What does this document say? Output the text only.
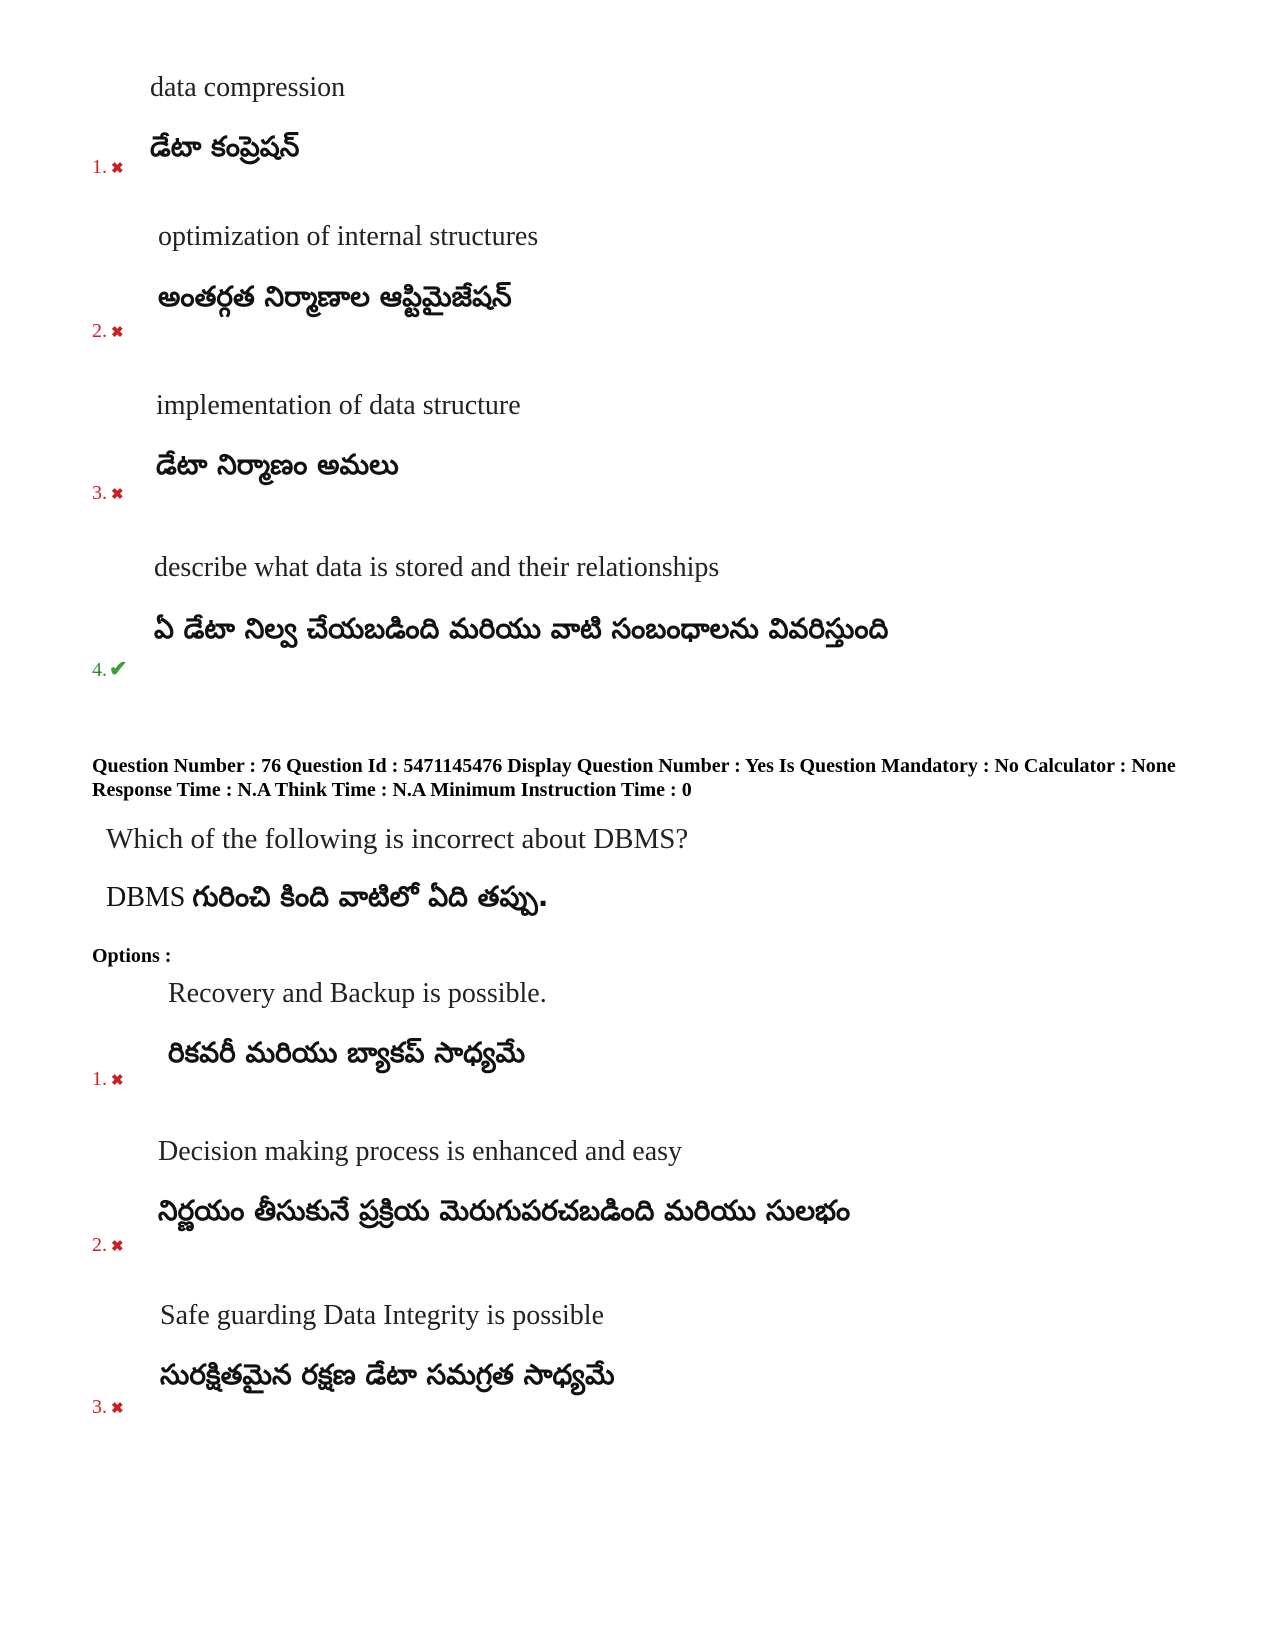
data compression
డేటా కంప్రెషన్
1. ✖
optimization of internal structures
అంతర్గత నిర్మాణాల ఆప్టిమైజేషన్
2. ✖
implementation of data structure
డేటా నిర్మాణం అమలు
3. ✖
describe what data is stored and their relationships
ఏ డేటా నిల్వ చేయబడింది మరియు వాటి సంబంధాలను వివరిస్తుంది
4.✔
Question Number : 76 Question Id : 5471145476 Display Question Number : Yes Is Question Mandatory : No Calculator : None Response Time : N.A Think Time : N.A Minimum Instruction Time : 0
Which of the following is incorrect about DBMS?
DBMS గురించి కింది వాటిలో ఏది తప్పు.
Options :
Recovery and Backup is possible.
రికవరీ మరియు బ్యాకప్ సాధ్యమే
1. ✖
Decision making process is enhanced and easy
నిర్ణయం తీసుకునే ప్రక్రియ మెరుగుపరచబడింది మరియు సులభం
2. ✖
Safe guarding Data Integrity is possible
సురక్షితమైన రక్షణ డేటా సమగ్రత సాధ్యమే
3. ✖
